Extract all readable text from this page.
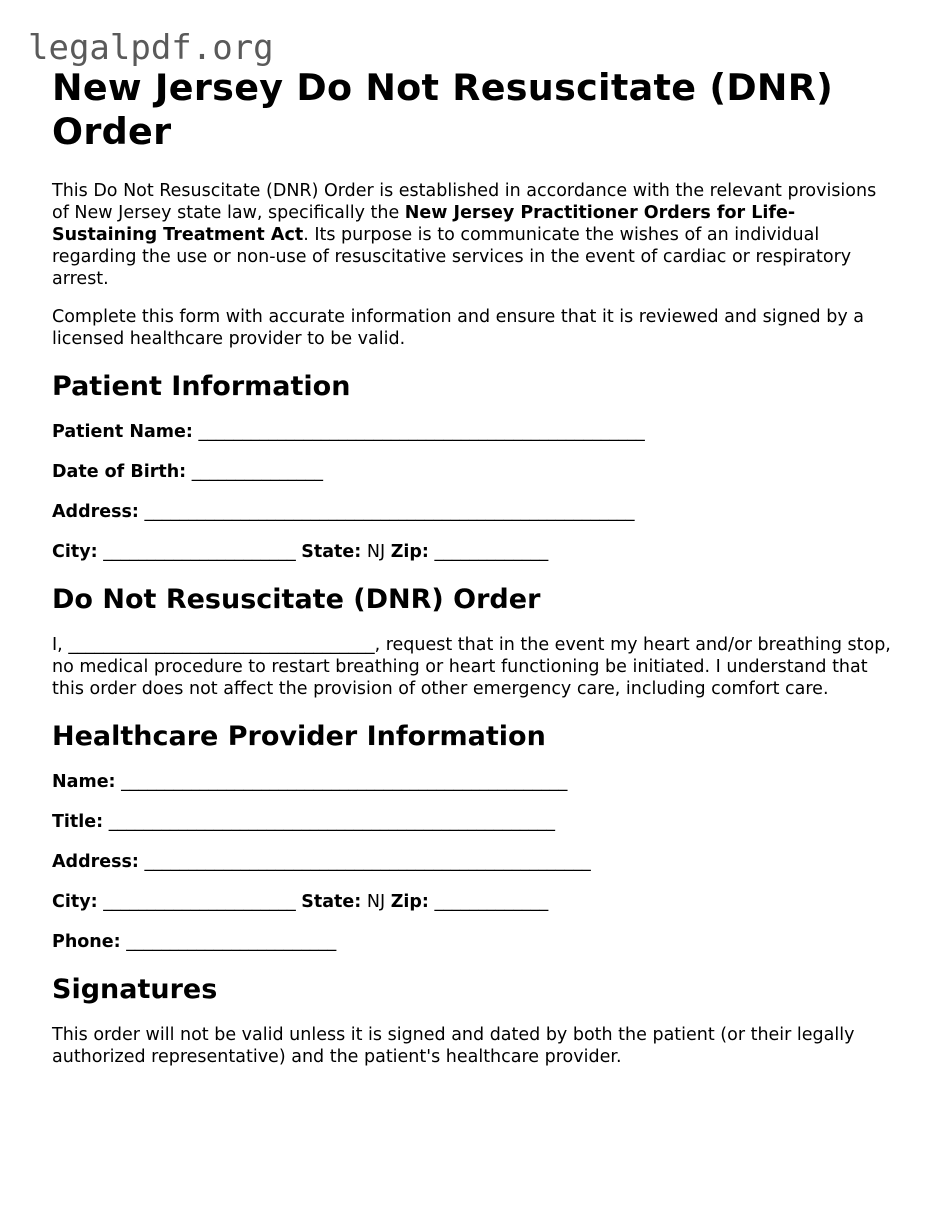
legalpdf.org
New Jersey Do Not Resuscitate (DNR) Order

This Do Not Resuscitate (DNR) Order is established in accordance with the relevant provisions of New Jersey state law, specifically the New Jersey Practitioner Orders for Life-Sustaining Treatment Act. Its purpose is to communicate the wishes of an individual regarding the use or non-use of resuscitative services in the event of cardiac or respiratory arrest.

Complete this form with accurate information and ensure that it is reviewed and signed by a licensed healthcare provider to be valid.

Patient Information
Patient Name: ___________________________________________________
Date of Birth: _______________
Address: ________________________________________________________
City: ______________________ State: NJ Zip: _____________
Do Not Resuscitate (DNR) Order

I, ___________________________________, request that in the event my heart and/or breathing stop, no medical procedure to restart breathing or heart functioning be initiated. I understand that this order does not affect the provision of other emergency care, including comfort care.

Healthcare Provider Information
Name: ___________________________________________________
Title: ___________________________________________________
Address: ___________________________________________________
City: ______________________ State: NJ Zip: _____________
Phone: ________________________
Signatures

This order will not be valid unless it is signed and dated by both the patient (or their legally authorized representative) and the patient's healthcare provider.
